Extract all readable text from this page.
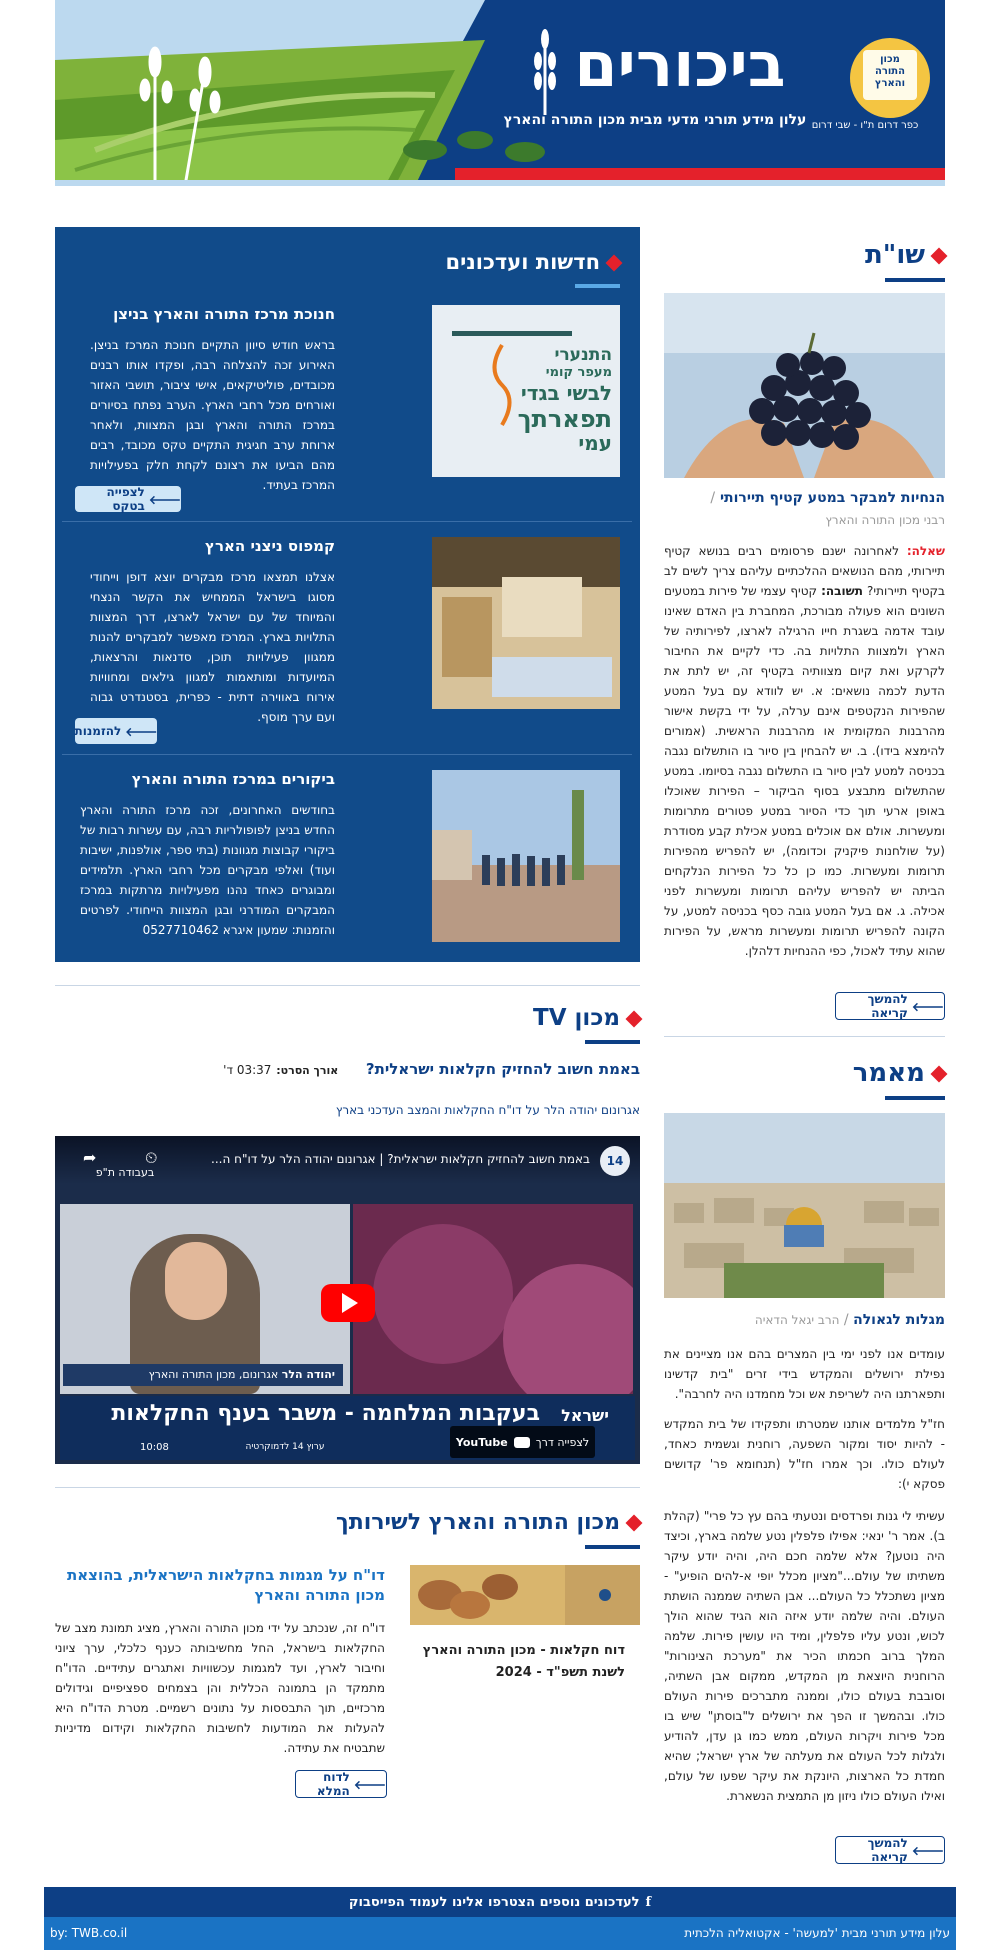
מכון התורה והארץ
כפר דרום ת"ו - שבי דרום
ביכורים
עלון מידע תורני מדעי מבית מכון התורה והארץ
שו"ת
הנחיות למבקר במטע קטיף תיירותי /
רבני מכון התורה והארץ
שאלה: לאחרונה ישנם פרסומים רבים בנושא קטיף תיירותי, מהם הנושאים ההלכתיים עליהם צריך לשים לב בקטיף תיירותי? תשובה: קטיף עצמי של פירות במטעים השונים הוא פעולה מבורכת, המחברת בין האדם שאינו עובד אדמה בשגרת חייו הרגילה לארצו, לפירותיה של הארץ ולמצוות התלויות בה. כדי לקיים את החיבור לקרקע ואת קיום מצוותיה בקטיף זה, יש לתת את הדעת לכמה נושאים: א. יש לוודא עם בעל המטע שהפירות הנקטפים אינם ערלה, על ידי בקשת אישור מהרבנות המקומית או מהרבנות הראשית. (אמורים להימצא בידו). ב. יש להבחין בין סיור בו הותשלום נגבה בכניסה למטע לבין סיור בו התשלום נגבה בסיומו. במטע שהתשלום מתבצע בסוף הביקור – הפירות שאוכלו באופן ארעי תוך כדי הסיור במטע פטורים מתרומות ומעשרות. אולם אם אוכלים במטע אכילת קבע מסודרת (על שולחנות פיקניק וכדומה), יש להפריש מהפירות תרומות ומעשרות. כמו כן כל כל הפירות הנלקחים הביתה יש להפריש עליהם תרומות ומעשרות לפני אכילה. ג. אם בעל המטע גובה כסף בכניסה למטע, על הקונה להפריש תרומות ומעשרות מראש, על הפירות שהוא עתיד לאכול, כפי ההנחיות דלהלן.
🡐
להמשך קריאה
מאמר
מגלות לגאולה / הרב יגאל הדאיה
עומדים אנו לפני ימי בין המצרים בהם אנו מציינים את נפילת ירושלים והמקדש בידי זרים "בית קדשינו ותפארתנו היה לשריפת אש וכל מחמדנו היה לחרבה".
חז"ל מלמדים אותנו שמטרתו ותפקידו של בית המקדש - להיות יסוד ומקור השפעה, רוחנית וגשמית כאחד, לעולם כולו. וכך אמרו חז"ל (תנחומא פר' קדושים פסקא י):
עשיתי לי גנות ופרדסים ונטעתי בהם עץ כל פרי" (קהלת ב). אמר ר' ינאי: אפילו פלפלין נטע שלמה בארץ, וכיצד היה נוטען? אלא שלמה חכם היה, והיה יודע עיקר משתיתו של עולם..."מציון מכלל יופי א-להים הופיע" - מציון נשתכלל כל העולם... אבן השתיה שממנה הושתת העולם. והיה שלמה יודע איזה הוא הגיד שהוא הולך לכוש, ונטע עליו פלפלין, ומיד היו עושין פירות. שלמה המלך ברוב חכמתו הכיר את "מערכת הצינורות" הרוחנית היוצאת מן המקדש, ממקום אבן השתיה, וסובבת בעולם כולו, וממנה מתברכים פירות העולם כולו. ובהמשך זו הפך את ירושלים ל"בוסתן" שיש בו מכל פירות ויקרות העולם, ממש כמו גן עדן, להודיע ולגלות לכל העולם את מעלתה של ארץ ישראל; שהיא חמדת כל הארצות, היונקת את עיקר שפעו של עולם, ואילו העולם כולו ניזון מן התמצית הנשארת.
🡐
להמשך קריאה
חדשות ועדכונים
התנערי
מעפר קומי
לבשי בגדי
תפארתך
עמי
חנוכת מרכז התורה והארץ בניצן
בראש חודש סיוון התקיים חנוכת המרכז בניצן. האירוע זכה להצלחה רבה, ופקדו אותו רבנים מכובדים, פוליטיקאים, אישי ציבור, תושבי האזור ואורחים מכל רחבי הארץ. הערב נפתח בסיורים במרכז התורה והארץ ובגן המצוות, ולאחר ארוחת ערב חגיגית התקיים טקס מכובד, רבים מהם הביעו את רצונם לקחת חלק בפעילויות המרכז בעתיד.
🡐
לצפייה בטקס
קמפוס ניצני הארץ
אצלנו תמצאו מרכז מבקרים יוצא דופן וייחודי מסוגו בישראל הממחיש את הקשר הנצחי והמיוחד של עם ישראל לארצו, דרך המצוות התלויות בארץ. המרכז מאפשר למבקרים להנות ממגוון פעילויות תוכן, סדנאות והרצאות, המיועדות ומותאמות למגוון גילאים ומחוויות אירוח באווירה דתית - כפרית, בסטנדרט גבוה ועם ערך מוסף.
🡐
להזמנות
ביקורים במרכז התורה והארץ
בחודשים האחרונים, זכה מרכז התורה והארץ החדש בניצן לפופולריות רבה, עם עשרות רבות של ביקורי קבוצות מגוונות (בתי ספר, אולפנות, ישיבות ועוד) ואלפי מבקרים מכל רחבי הארץ. תלמידים ומבוגרים כאחד נהנו מפעילויות מרתקות במרכז המבקרים המודרני ובגן המצוות הייחודי. לפרטים והזמנות: שמעון איגרא 0527710462
מכון TV
באמת חשוב להחזיק חקלאות ישראלית?  אורך הסרט: 03:37 ד'
אגרונום יהודה הלר על דו"ח החקלאות והמצב העדכני בארץ
14
באמת חשוב להחזיק חקלאות ישראלית? | אגרונום יהודה הלר על דו"ח ה...
➦	⏲
בעבודה ת"פ
יהודה הלר אגרונום, מכון התורה והארץ
ישראל
בעקבות המלחמה - משבר בענף החקלאות
10:08	ערוץ 14 לדמוקרטיה	לצפייה דרך
YouTube
מכון התורה והארץ לשירותך
דוח חקלאות - מכון התורה והארץ לשנת תשפ"ד - 2024
דו"ח על מגמות בחקלאות הישראלית, בהוצאת מכון התורה והארץ
דו"ח זה, שנכתב על ידי מכון התורה והארץ, מציג תמונת מצב של החקלאות בישראל, החל מחשיבותה כענף כלכלי, ערך ציוני וחיבור לארץ, ועד למגמות עכשוויות ואתגרים עתידיים. הדו"ח מתמקד הן בתמונה הכללית והן בצמחים ספציפיים וגידולים מרכזיים, תוך התבססות על נתונים רשמיים. מטרת הדו"ח היא להעלות את המודעות לחשיבות החקלאות וקידום מדיניות שתבטיח את עתידה.
🡐
לדוח המלא
f
לעדכונים נוספים הצטרפו אלינו לעמוד הפייסבוק
עלון מידע תורני מבית 'למעשה' - אקטואליה הלכתית
by: TWB.co.il
